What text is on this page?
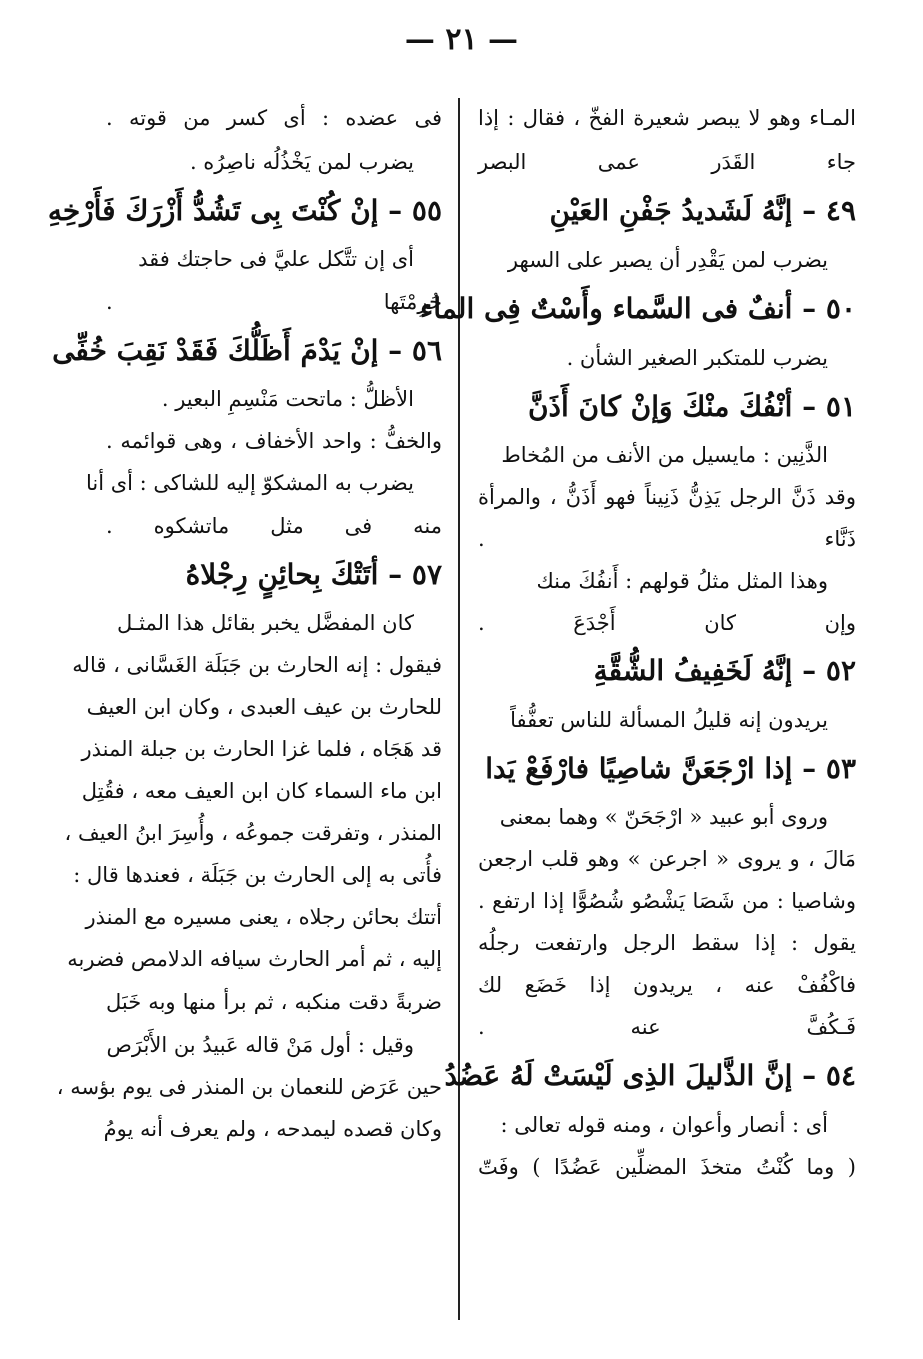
— ٢١ —
المـاء وهو لا يبصر شعيرة الفخّ ، فقال : إذا
جاء القَدَر عمى البصر
٤٩ – إنَّهُ لَشَديدُ جَفْنِ العَيْنِ
يضرب لمن يَقْدِر أن يصبر على السهر
٥٠ – أنفٌ فى السَّماء وأَسْتٌ فِى الماء
يضرب للمتكبر الصغير الشأن .
٥١ – أنْفُكَ منْكَ وَإنْ كانَ أَذَنَّ
الذَّنِين : مايسيل من الأنف من المُخاط
وقد ذَنَّ الرجل يَذِنُّ ذَنِيناً فهو أَذَنُّ ، والمرأة
ذَنَّاء .
وهذا المثل مثلُ قولهم : أَنفُكَ منك
وإن كان أَجْدَعَ .
٥٢ – إنَّهُ لَخَفِيفُ الشُّقَّةِ
يريدون إنه قليلُ المسألة للناس تعفُّفاً
٥٣ – إذا ارْجَعَنَّ شاصِيًا فارْفَعْ يَدا
وروى أبو عبيد « ارْجَحَنّ » وهما بمعنى
مَالَ ، و يروى « اجرعن » وهو قلب ارجعن
وشاصيا : من شَصَا يَشْصُو شُصُوًّا إذا ارتفع .
يقول : إذا سقط الرجل وارتفعت رجلُه
فاكْفُفْ عنه ، يريدون إذا خَضَع لك
فَـكُفَّ عنه .
٥٤ – إنَّ الذَّليلَ الذِى لَيْسَتْ لَهُ عَضُدُ
أى : أنصار وأعوان ، ومنه قوله تعالى :
( وما كُنْتُ متخذَ المضلِّين عَضُدًا ) وفَتّ
فى عضده : أى كسر من قوته .
يضرب لمن يَخْذُلُه ناصِرُه .
٥٥ – إنْ كُنْتَ بِى تَشُدُّ أَزْرَكَ فَأَرْخِهِ
أى إن تتَّكل عليَّ فى حاجتك فقد
حُرِمْتَها .
٥٦ – إنْ يَدْمَ أَظَلُّكَ فَقَدْ نَقِبَ خُفِّى
الأظلُّ : ماتحت مَنْسِمِ البعير .
والخفُّ : واحد الأخفاف ، وهى قوائمه .
يضرب به المشكوّ إليه للشاكى : أى أنا
منه فى مثل ماتشكوه .
٥٧ – أتَتْكَ بِحائِنٍ رِجْلاهُ
كان المفضَّل يخبر بقائل هذا المثـل
فيقول : إنه الحارث بن جَبَلَة الغَسَّانى ، قاله
للحارث بن عيف العبدى ، وكان ابن العيف
قد هَجَاه ، فلما غزا الحارث بن جبلة المنذر
ابن ماء السماء كان ابن العيف معه ، فقُتِل
المنذر ، وتفرقت جموعُه ، وأُسِرَ ابنُ العيف ،
فأُتى به إلى الحارث بن جَبَلَة ، فعندها قال :
أتتك بحائن رجلاه ، يعنى مسيره مع المنذر
إليه ، ثم أمر الحارث سيافه الدلامص فضربه
ضربةً دقت منكبه ، ثم برأ منها وبه خَبَل
وقيل : أول مَنْ قاله عَبيدُ بن الأَبْرَص
حين عَرَض للنعمان بن المنذر فى يوم بؤسه ،
وكان قصده ليمدحه ، ولم يعرف أنه يومُ
